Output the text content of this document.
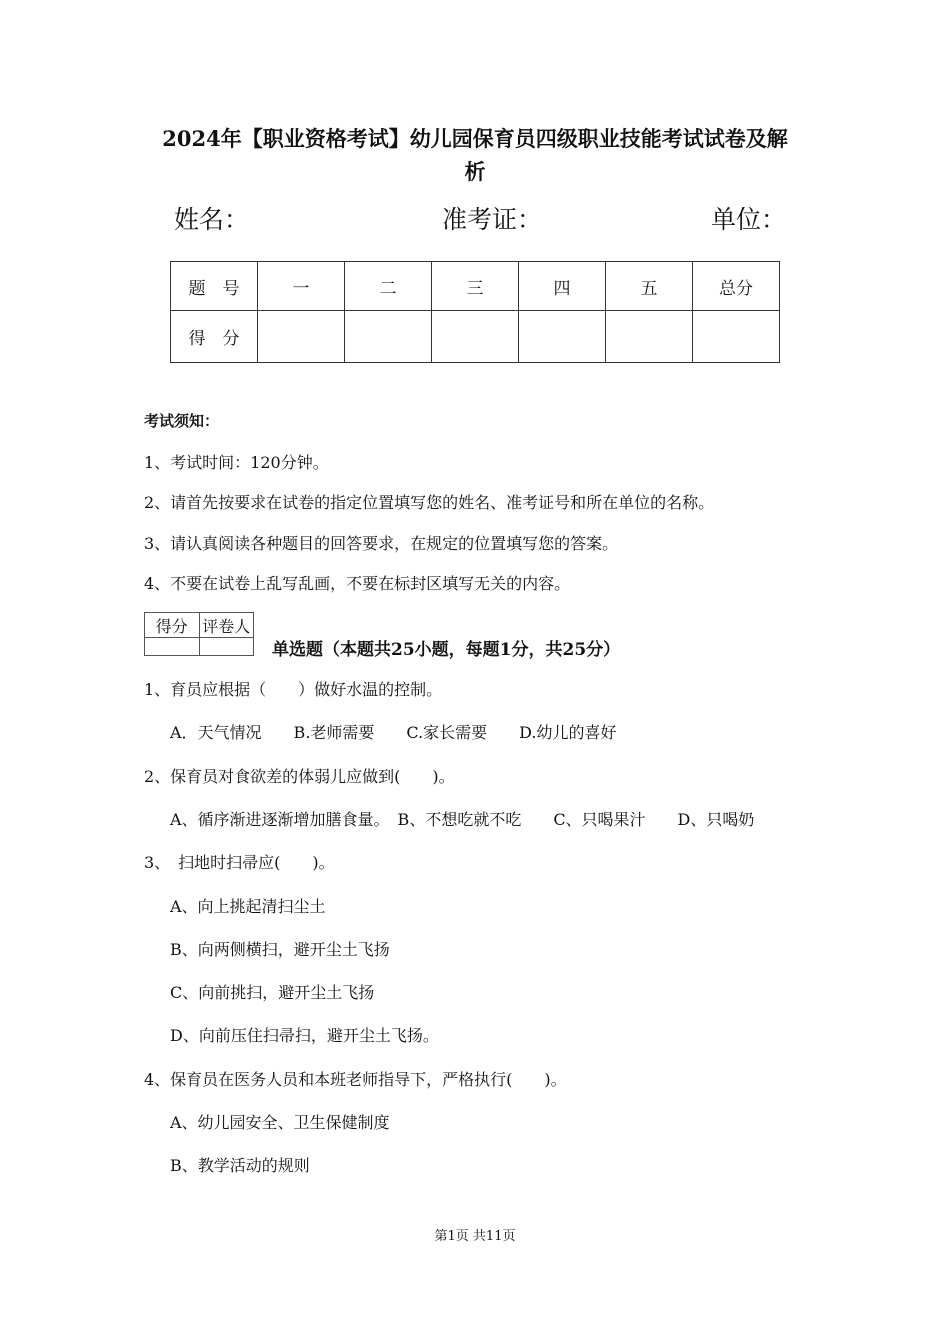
2024年【职业资格考试】幼儿园保育员四级职业技能考试试卷及解
析
姓名：	准考证：	单位：
题　号	一	二	三	四	五	总分
得　分						
考试须知：
1、考试时间：120分钟。
2、请首先按要求在试卷的指定位置填写您的姓名、准考证号和所在单位的名称。
3、请认真阅读各种题目的回答要求，在规定的位置填写您的答案。
4、不要在试卷上乱写乱画，不要在标封区填写无关的内容。
得分	评卷人

单选题（本题共25小题，每题1分，共25分）
1、育员应根据（　　）做好水温的控制。
A．天气情况　　B.老师需要　　C.家长需要　　D.幼儿的喜好
2、保育员对食欲差的体弱儿应做到(　　)。
A、循序渐进逐渐增加膳食量。　B、不想吃就不吃　　C、只喝果汁　　D、只喝奶
3、　扫地时扫帚应(　　)。
A、向上挑起清扫尘土
B、向两侧横扫，避开尘土飞扬
C、向前挑扫，避开尘土飞扬
D、向前压住扫帚扫，避开尘土飞扬。
4、保育员在医务人员和本班老师指导下，严格执行(　　)。
A、幼儿园安全、卫生保健制度
B、教学活动的规则
第1页 共11页
